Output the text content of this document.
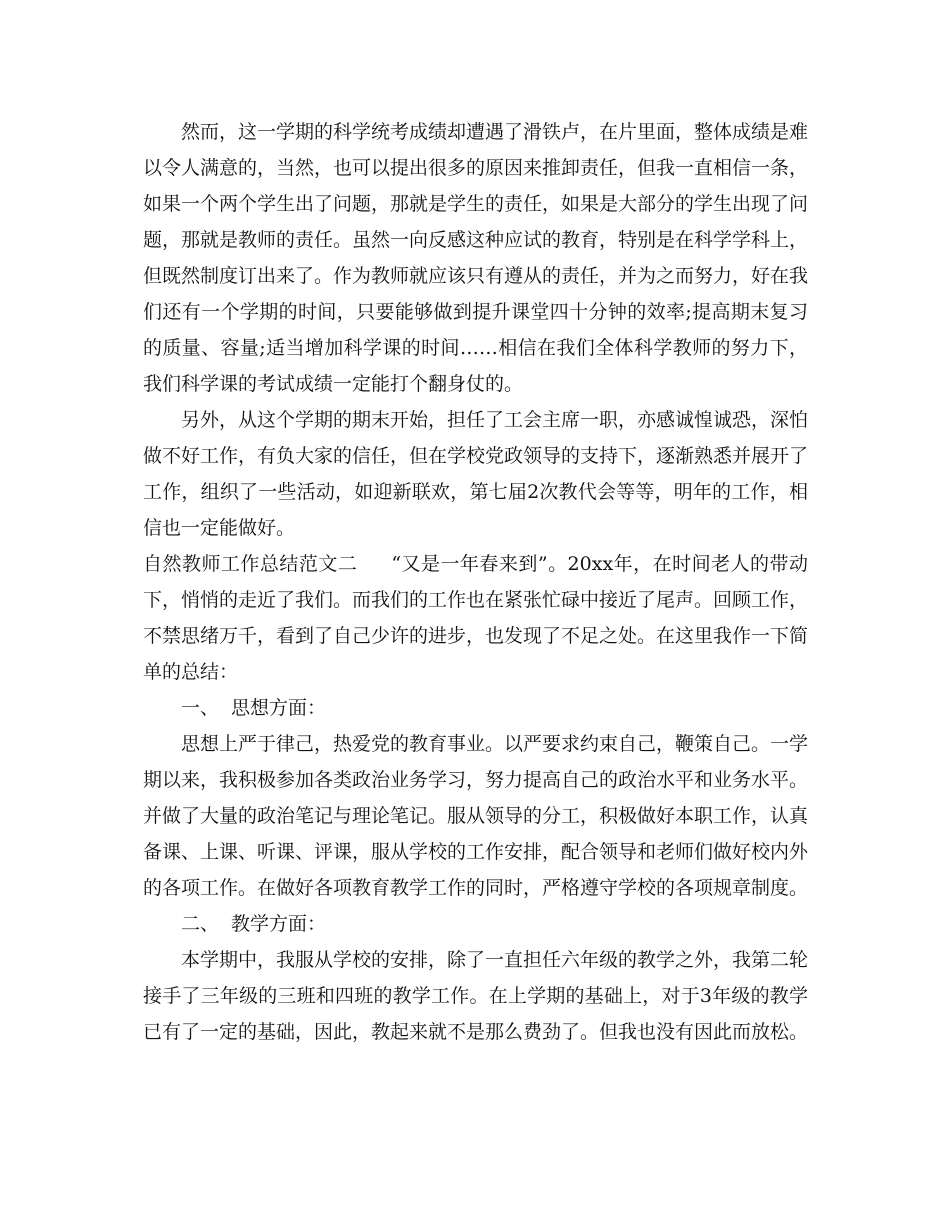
然而，这一学期的科学统考成绩却遭遇了滑铁卢，在片里面，整体成绩是难以令人满意的，当然，也可以提出很多的原因来推卸责任，但我一直相信一条，如果一个两个学生出了问题，那就是学生的责任，如果是大部分的学生出现了问题，那就是教师的责任。虽然一向反感这种应试的教育，特别是在科学学科上，但既然制度订出来了。作为教师就应该只有遵从的责任，并为之而努力，好在我们还有一个学期的时间，只要能够做到提升课堂四十分钟的效率;提高期末复习的质量、容量;适当增加科学课的时间……相信在我们全体科学教师的努力下，我们科学课的考试成绩一定能打个翻身仗的。

另外，从这个学期的期末开始，担任了工会主席一职，亦感诚惶诚恐，深怕做不好工作，有负大家的信任，但在学校党政领导的支持下，逐渐熟悉并展开了工作，组织了一些活动，如迎新联欢，第七届2次教代会等等，明年的工作，相信也一定能做好。

自然教师工作总结范文二 “又是一年春来到”。20xx年，在时间老人的带动下，悄悄的走近了我们。而我们的工作也在紧张忙碌中接近了尾声。回顾工作，不禁思绪万千，看到了自己少许的进步，也发现了不足之处。在这里我作一下简单的总结：
一、 思想方面：

思想上严于律己，热爱党的教育事业。以严要求约束自己，鞭策自己。一学期以来，我积极参加各类政治业务学习，努力提高自己的政治水平和业务水平。并做了大量的政治笔记与理论笔记。服从领导的分工，积极做好本职工作，认真备课、上课、听课、评课，服从学校的工作安排，配合领导和老师们做好校内外的各项工作。在做好各项教育教学工作的同时，严格遵守学校的各项规章制度。

二、 教学方面：

本学期中，我服从学校的安排，除了一直担任六年级的教学之外，我第二轮接手了三年级的三班和四班的教学工作。在上学期的基础上，对于3年级的教学已有了一定的基础，因此，教起来就不是那么费劲了。但我也没有因此而放松。
